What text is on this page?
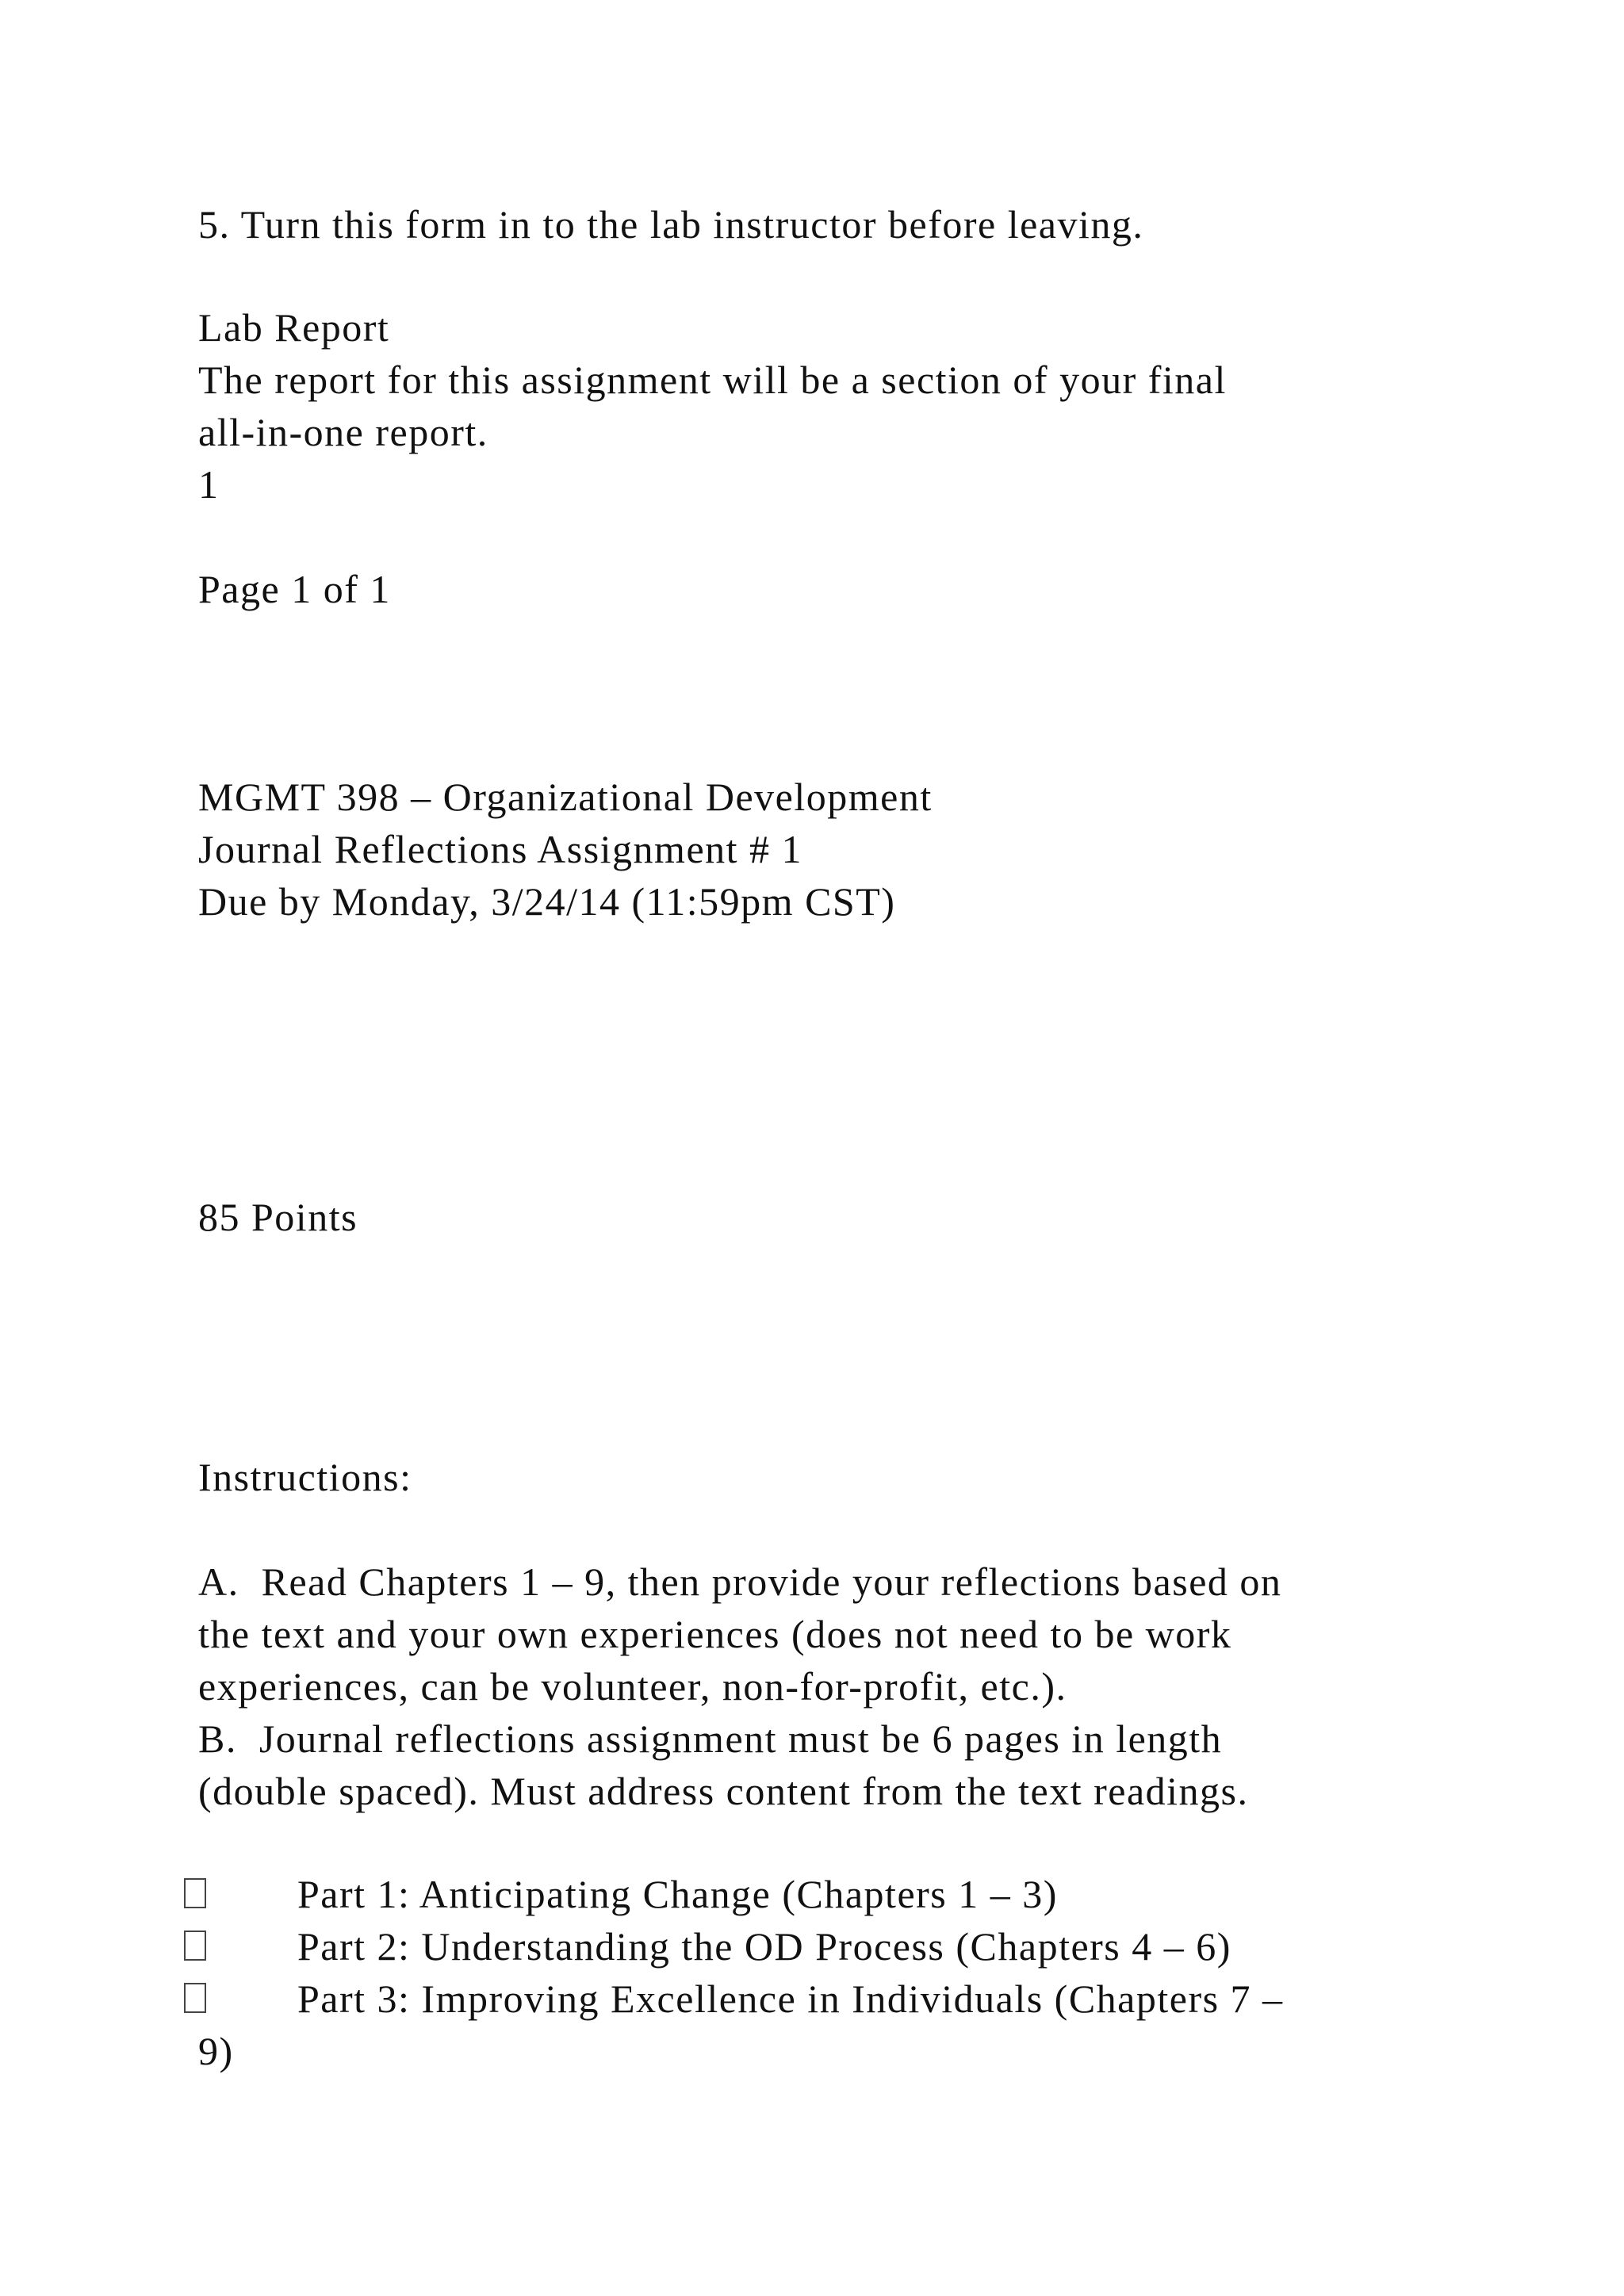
5. Turn this form in to the lab instructor before leaving.
Lab Report
The report for this assignment will be a section of your final
all-in-one report.
1
Page 1 of 1
MGMT 398 – Organizational Development
Journal Reflections Assignment # 1
Due by Monday, 3/24/14 (11:59pm CST)
85 Points
Instructions:
A.  Read Chapters 1 – 9, then provide your reflections based on
the text and your own experiences (does not need to be work
experiences, can be volunteer, non-for-profit, etc.).
B.  Journal reflections assignment must be 6 pages in length
(double spaced). Must address content from the text readings.
Part 1: Anticipating Change (Chapters 1 – 3)
Part 2: Understanding the OD Process (Chapters 4 – 6)
Part 3: Improving Excellence in Individuals (Chapters 7 –
9)
